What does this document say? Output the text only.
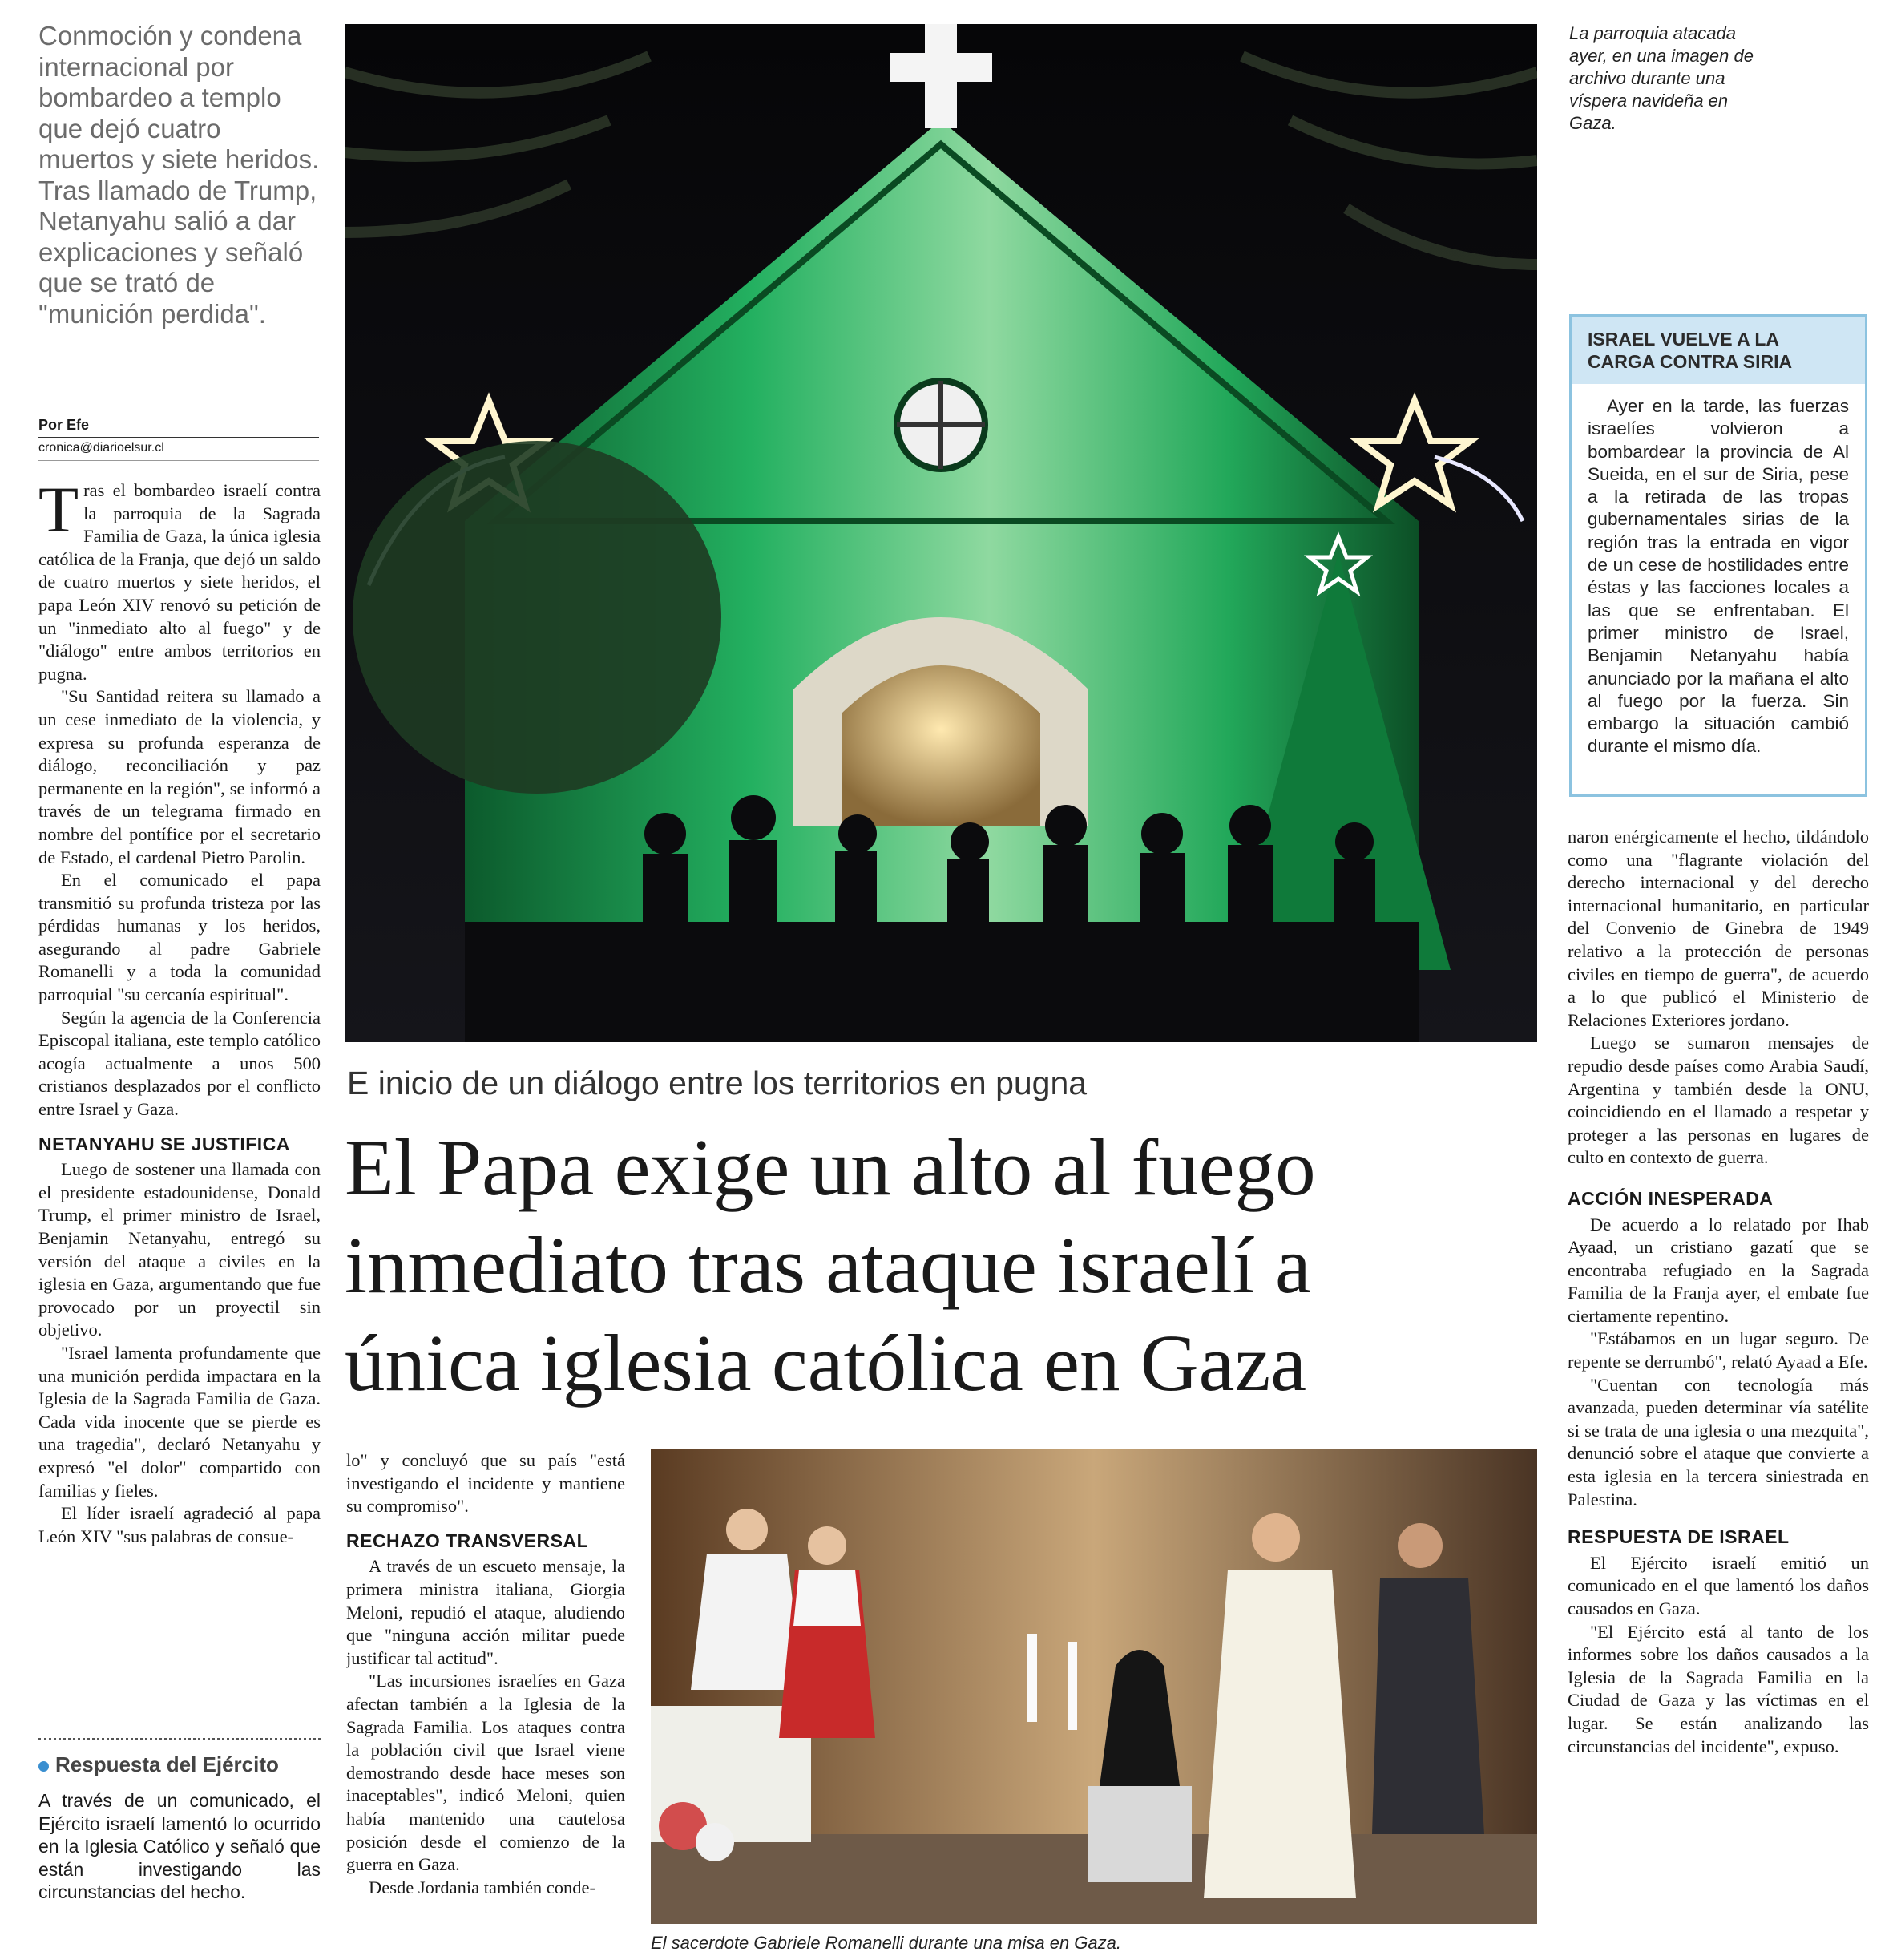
Conmoción y condena internacional por bombardeo a templo que dejó cuatro muertos y siete heridos. Tras llamado de Trump, Netanyahu salió a dar explicaciones y señaló que se trató de "munición perdida".
Por Efe
cronica@diarioelsur.cl

Tras el bombardeo israelí contra la parroquia de la Sagrada Familia de Gaza, la única iglesia católica de la Franja, que dejó un saldo de cuatro muertos y siete heridos, el papa León XIV renovó su petición de un "inmediato alto al fuego" y de "diálogo" entre ambos territorios en pugna.

"Su Santidad reitera su llamado a un cese inmediato de la violencia, y expresa su profunda esperanza de diálogo, reconciliación y paz permanente en la región", se informó a través de un telegrama firmado en nombre del pontífice por el secretario de Estado, el cardenal Pietro Parolin.

En el comunicado el papa transmitió su profunda tristeza por las pérdidas humanas y los heridos, asegurando al padre Gabriele Romanelli y a toda la comunidad parroquial "su cercanía espiritual".

Según la agencia de la Conferencia Episcopal italiana, este templo católico acogía actualmente a unos 500 cristianos desplazados por el conflicto entre Israel y Gaza.

NETANYAHU SE JUSTIFICA

Luego de sostener una llamada con el presidente estadounidense, Donald Trump, el primer ministro de Israel, Benjamin Netanyahu, entregó su versión del ataque a civiles en la iglesia en Gaza, argumentando que fue provocado por un proyectil sin objetivo.

"Israel lamenta profundamente que una munición perdida impactara en la Iglesia de la Sagrada Familia de Gaza. Cada vida inocente que se pierde es una tragedia", declaró Netanyahu y expresó "el dolor" compartido con familias y fieles.

El líder israelí agradeció al papa León XIV "sus palabras de consue-

Respuesta del Ejército
A través de un comunicado, el Ejército israelí lamentó lo ocurrido en la Iglesia Católico y señaló que están investigando las circunstancias del hecho.
La parroquia atacada ayer, en una imagen de archivo durante una víspera navideña en Gaza.
ISRAEL VUELVE A LA CARGA CONTRA SIRIA
Ayer en la tarde, las fuerzas israelíes volvieron a bombardear la provincia de Al Sueida, en el sur de Siria, pese a la retirada de las tropas gubernamentales sirias de la región tras la entrada en vigor de un cese de hostilidades entre éstas y las facciones locales a las que se enfrentaban. El primer ministro de Israel, Benjamin Netanyahu había anunciado por la mañana el alto al fuego por la fuerza. Sin embargo la situación cambió durante el mismo día.
E inicio de un diálogo entre los territorios en pugna
El Papa exige un alto al fuego
inmediato tras ataque israelí a
única iglesia católica en Gaza

lo" y concluyó que su país "está investigando el incidente y mantiene su compromiso".

RECHAZO TRANSVERSAL

A través de un escueto mensaje, la primera ministra italiana, Giorgia Meloni, repudió el ataque, aludiendo que "ninguna acción militar puede justificar tal actitud".

"Las incursiones israelíes en Gaza afectan también a la Iglesia de la Sagrada Familia. Los ataques contra la población civil que Israel viene demostrando desde hace meses son inaceptables", indicó Meloni, quien había mantenido una cautelosa posición desde el comienzo de la guerra en Gaza.

Desde Jordania también conde-

El sacerdote Gabriele Romanelli durante una misa en Gaza.

naron enérgicamente el hecho, tildándolo como una "flagrante violación del derecho internacional y del derecho internacional humanitario, en particular del Convenio de Ginebra de 1949 relativo a la protección de personas civiles en tiempo de guerra", de acuerdo a lo que publicó el Ministerio de Relaciones Exteriores jordano.

Luego se sumaron mensajes de repudio desde países como Arabia Saudí, Argentina y también desde la ONU, coincidiendo en el llamado a respetar y proteger a las personas en lugares de culto en contexto de guerra.

ACCIÓN INESPERADA

De acuerdo a lo relatado por Ihab Ayaad, un cristiano gazatí que se encontraba refugiado en la Sagrada Familia de la Franja ayer, el embate fue ciertamente repentino.

"Estábamos en un lugar seguro. De repente se derrumbó", relató Ayaad a Efe.

"Cuentan con tecnología más avanzada, pueden determinar vía satélite si se trata de una iglesia o una mezquita", denunció sobre el ataque que convierte a esta iglesia en la tercera siniestrada en Palestina.

RESPUESTA DE ISRAEL

El Ejército israelí emitió un comunicado en el que lamentó los daños causados en Gaza.

"El Ejército está al tanto de los informes sobre los daños causados a la Iglesia de la Sagrada Familia en la Ciudad de Gaza y las víctimas en el lugar. Se están analizando las circunstancias del incidente", expuso.
